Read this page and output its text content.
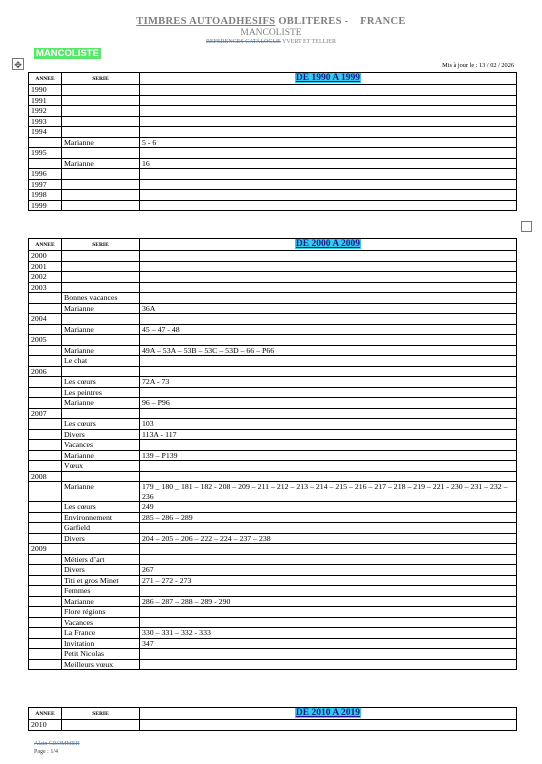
TIMBRES AUTOADHESIFS OBLITERES - FRANCE
MANCOLISTE
REFERENCES CATALOGUE YVERT ET TELLIER
MANCOLISTE
✥	Mis à jour le : 13 / 02 / 2026
ANNEE	SERIE	DE 1990 A 1999
1990		
1991		
1992		
1993		
1994		
	Marianne	5 - 6
1995		
	Marianne	16
1996		
1997		
1998		
1999		
ANNEE	SERIE	DE 2000 A 2009
2000		
2001		
2002		
2003		
	Bonnes vacances	
	Marianne	36A
2004		
	Marianne	45 – 47 - 48
2005		
	Marianne	49A – 53A – 53B – 53C – 53D – 66 – P66
	Le chat	
2006		
	Les cœurs	72A - 73
	Les peintres	
	Marianne	96 – P96
2007		
	Les cœurs	103
	Divers	113A - 117
	Vacances	
	Marianne	139 – P139
	Vœux	
2008		
	Marianne	179 _ 180 _ 181 – 182 - 208 – 209 – 211 – 212 – 213 – 214 – 215 – 216 – 217 – 218 – 219 – 221 - 230 – 231 – 232 – 236
	Les cœurs	249
	Environnement	285 – 286 – 289
	Garfield	
	Divers	204 – 205 – 206 – 222 – 224 – 237 – 238
2009		
	Métiers d’art	
	Divers	267
	Titi et gros Minet	271 – 272 - 273
	Femmes	
	Marianne	286 – 287 – 288 – 289 - 290
	Flore régions	
	Vacances	
	La France	330 – 331 – 332 - 333
	Invitation	347
	Petit Nicolas	
	Meilleurs vœux	
ANNEE	SERIE	DE 2010 A 2019
2010		
Alain CROMMER
Page : 1/4
